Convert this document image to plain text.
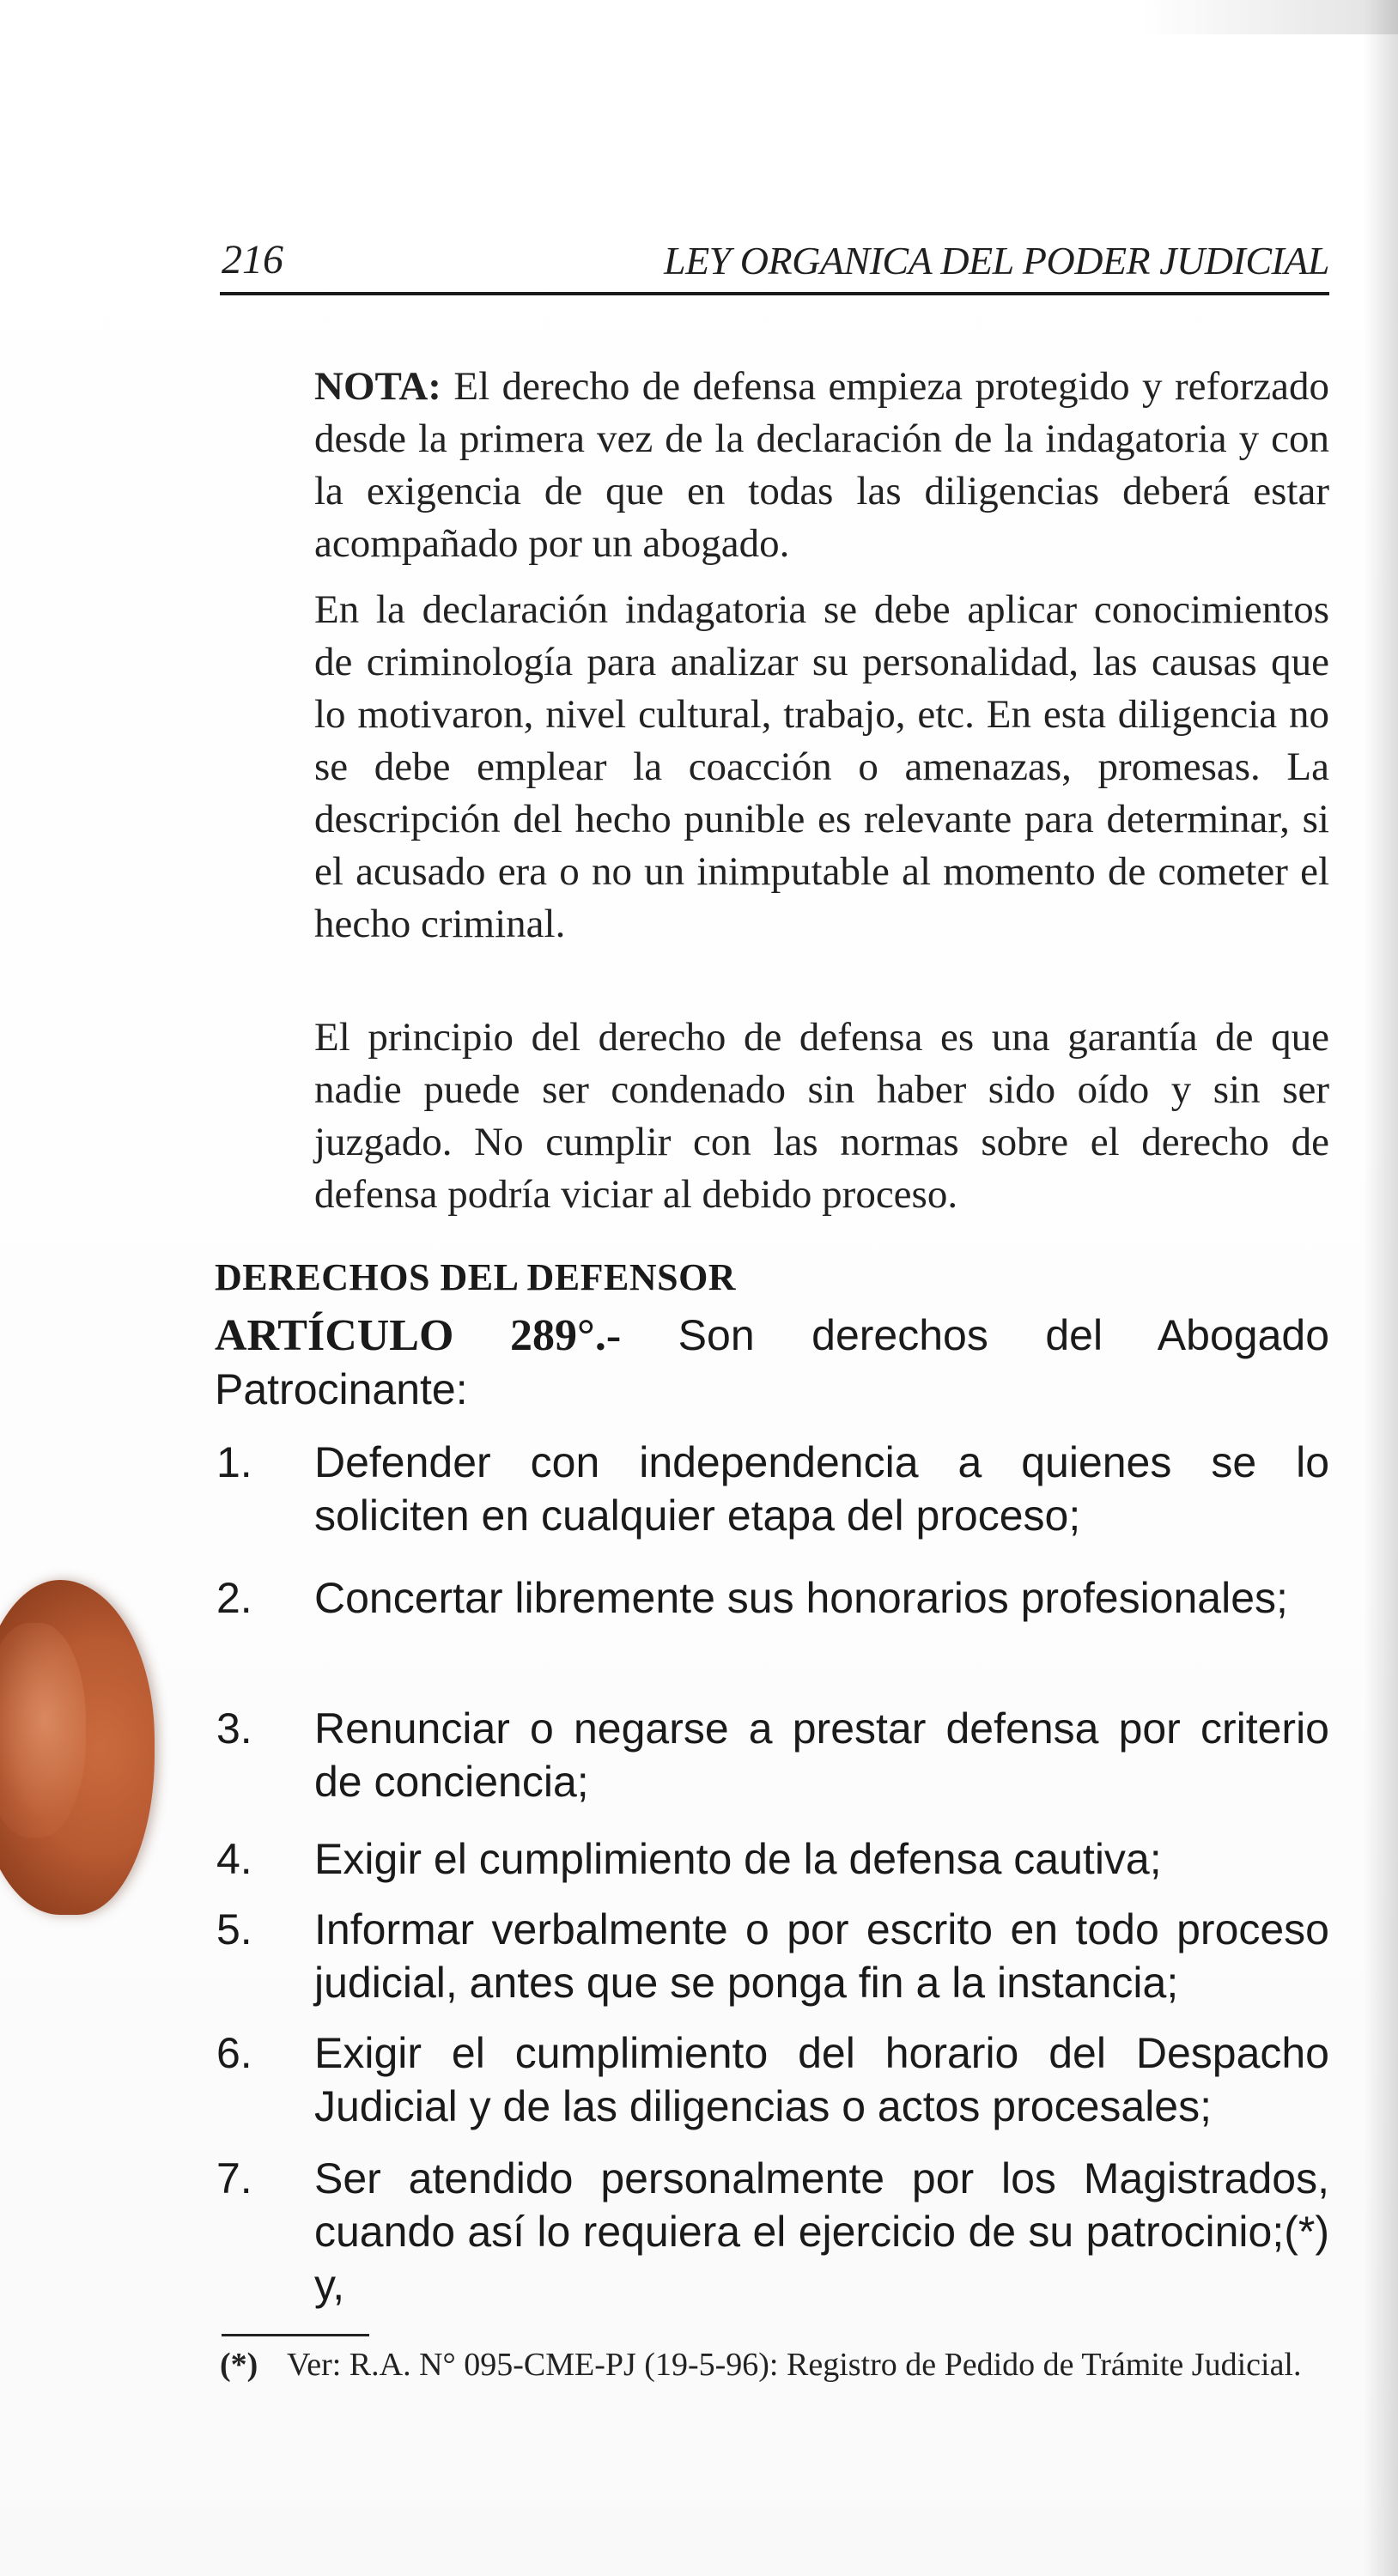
216	LEY ORGANICA DEL PODER JUDICIAL

NOTA: El derecho de defensa empieza protegido y reforzado desde la primera vez de la declaración de la indagatoria y con la exigencia de que en todas las diligencias deberá estar acompañado por un abogado.

En la declaración indagatoria se debe aplicar conocimientos de criminología para analizar su personalidad, las causas que lo motivaron, nivel cultural, trabajo, etc. En esta diligencia no se debe emplear la coacción o amenazas, promesas. La descripción del hecho punible es relevante para determinar, si el acusado era o no un inimputable al momento de cometer el hecho criminal.

El principio del derecho de defensa es una garantía de que nadie puede ser condenado sin haber sido oído y sin ser juzgado. No cumplir con las normas sobre el derecho de defensa podría viciar al debido proceso.

DERECHOS DEL DEFENSOR
ARTÍCULO 289°.- Son derechos del Abogado Patrocinante:
1.	Defender con independencia a quienes se lo soliciten en cualquier etapa del proceso;
2.	Concertar libremente sus honorarios profesionales;
3.	Renunciar o negarse a prestar defensa por criterio de conciencia;
4.	Exigir el cumplimiento de la defensa cautiva;
5.	Informar verbalmente o por escrito en todo proceso judicial, antes que se ponga fin a la instancia;
6.	Exigir el cumplimiento del horario del Despacho Judicial y de las diligencias o actos procesales;
7.	Ser atendido personalmente por los Magistrados, cuando así lo requiera el ejercicio de su patrocinio;(*) y,
(*) Ver: R.A. N° 095-CME-PJ (19-5-96): Registro de Pedido de Trámite Judicial.
